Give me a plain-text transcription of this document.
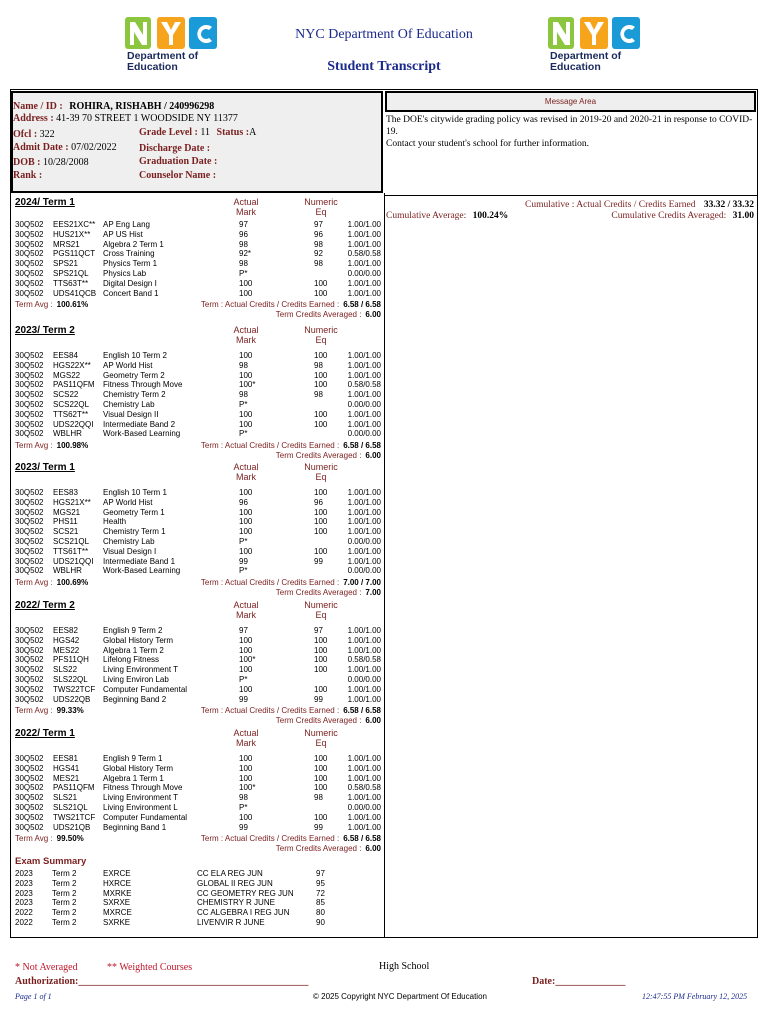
Department of
Education
NYC Department Of Education
Student Transcript
Department of
Education
Name / ID : ROHIRA, RISHABH / 240996298
Address : 41-39 70 STREET 1 WOODSIDE NY 11377
Ofcl : 322	Grade Level : 11 Status :A
Admit Date : 07/02/2022 Discharge Date :
DOB : 10/28/2008	Graduation Date :
Rank :	Counselor Name :
Message Area
The DOE's citywide grading policy was revised in 2019-20 and 2020-21 in response to COVID-19.
Contact your student's school for further information.
Cumulative : Actual Credits / Credits Earned 33.32 / 33.32
Cumulative Average: 100.24%	Cumulative Credits Averaged: 31.00
2024/ Term 1	Actual
Mark
Numeric
Eq
30Q502 EES21XC** AP Eng Lang	97	97	1.00/1.00
30Q502 HUS21X** AP US Hist	96	96	1.00/1.00
30Q502 MRS21	Algebra 2 Term 1	98	98	1.00/1.00
30Q502 PGS11QCT Cross Training	92*	92	0.58/0.58
30Q502 SPS21	Physics Term 1	98	98	1.00/1.00
30Q502 SPS21QL Physics Lab	P*	0.00/0.00
30Q502 TTS63T** Digital Design I	100	100	1.00/1.00
30Q502 UDS41QCB Concert Band 1	100	100	1.00/1.00
Term Avg : 100.61%	Term : Actual Credits / Credits Earned : 6.58 / 6.58
Term Credits Averaged : 6.00
2023/ Term 2	Actual
Mark
Numeric
Eq
30Q502 EES84	English 10 Term 2	100	100	1.00/1.00
30Q502 HGS22X** AP World Hist	98	98	1.00/1.00
30Q502 MGS22	Geometry Term 2	100	100	1.00/1.00
30Q502 PAS11QFM Fitness Through Move	100*	100	0.58/0.58
30Q502 SCS22	Chemistry Term 2	98	98	1.00/1.00
30Q502 SCS22QL Chemistry Lab	P*	0.00/0.00
30Q502 TTS62T** Visual Design II	100	100	1.00/1.00
30Q502 UDS22QQI Intermediate Band 2	100	100	1.00/1.00
30Q502 WBLHR	Work-Based Learning	P*	0.00/0.00
Term Avg : 100.98%	Term : Actual Credits / Credits Earned : 6.58 / 6.58
Term Credits Averaged : 6.00
2023/ Term 1	Actual
Mark
Numeric
Eq
30Q502 EES83	English 10 Term 1	100	100	1.00/1.00
30Q502 HGS21X** AP World Hist	96	96	1.00/1.00
30Q502 MGS21	Geometry Term 1	100	100	1.00/1.00
30Q502 PHS11	Health	100	100	1.00/1.00
30Q502 SCS21	Chemistry Term 1	100	100	1.00/1.00
30Q502 SCS21QL Chemistry Lab	P*	0.00/0.00
30Q502 TTS61T** Visual Design I	100	100	1.00/1.00
30Q502 UDS21QQI Intermediate Band 1	99	99	1.00/1.00
30Q502 WBLHR	Work-Based Learning	P*	0.00/0.00
Term Avg : 100.69%	Term : Actual Credits / Credits Earned : 7.00 / 7.00
Term Credits Averaged : 7.00
2022/ Term 2	Actual
Mark
Numeric
Eq
30Q502 EES82	English 9 Term 2	97	97	1.00/1.00
30Q502 HGS42	Global History Term	100	100	1.00/1.00
30Q502 MES22	Algebra 1 Term 2	100	100	1.00/1.00
30Q502 PFS11QH Lifelong Fitness	100*	100	0.58/0.58
30Q502 SLS22	Living Environment T	100	100	1.00/1.00
30Q502 SLS22QL Living Environ Lab	P*	0.00/0.00
30Q502 TWS22TCF Computer Fundamental	100	100	1.00/1.00
30Q502 UDS22QB Beginning Band 2	99	99	1.00/1.00
Term Avg : 99.33%	Term : Actual Credits / Credits Earned : 6.58 / 6.58
Term Credits Averaged : 6.00
2022/ Term 1	Actual
Mark
Numeric
Eq
30Q502 EES81	English 9 Term 1	100	100	1.00/1.00
30Q502 HGS41	Global History Term	100	100	1.00/1.00
30Q502 MES21	Algebra 1 Term 1	100	100	1.00/1.00
30Q502 PAS11QFM Fitness Through Move	100*	100	0.58/0.58
30Q502 SLS21	Living Environment T	98	98	1.00/1.00
30Q502 SLS21QL Living Environment L	P*	0.00/0.00
30Q502 TWS21TCF Computer Fundamental	100	100	1.00/1.00
30Q502 UDS21QB Beginning Band 1	99	99	1.00/1.00
Term Avg : 99.50%	Term : Actual Credits / Credits Earned : 6.58 / 6.58
Term Credits Averaged : 6.00
Exam Summary
2023 Term 2	EXRCE	CC ELA REG JUN	97
2023 Term 2	HXRCE	GLOBAL II REG JUN	95
2023 Term 2	MXRKE	CC GEOMETRY REG JUN	72
2023 Term 2	SXRXE	CHEMISTRY R JUNE	85
2022 Term 2	MXRCE	CC ALGEBRA I REG JUN	80
2022 Term 2	SXRKE	LIVENVIR R JUNE	90
* Not Averaged	** Weighted Courses	High School
Authorization:______________________________________________	Date:______________
Page 1 of 1	© 2025 Copyright NYC Department Of Education	12:47:55 PM February 12, 2025
